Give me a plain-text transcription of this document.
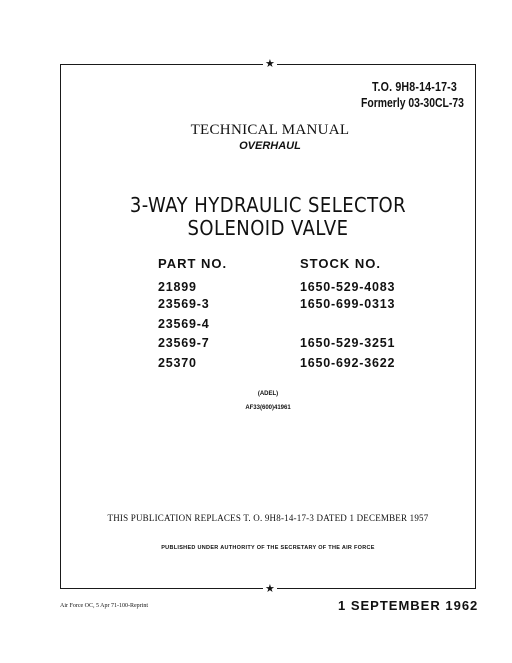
★
★
T.O. 9H8-14-17-3
Formerly 03-30CL-73
TECHNICAL MANUAL
OVERHAUL
3-WAY HYDRAULIC SELECTOR
SOLENOID VALVE
PART NO.	STOCK NO.
21899	1650-529-4083
23569-3	1650-699-0313
23569-4
23569-7	1650-529-3251
25370	1650-692-3622
(ADEL)
AF33(600)41961
THIS PUBLICATION REPLACES T. O. 9H8-14-17-3 DATED 1 DECEMBER 1957
PUBLISHED UNDER AUTHORITY OF THE SECRETARY OF THE AIR FORCE
Air Force OC, 5 Apr 71-100-Reprint	1 SEPTEMBER 1962
